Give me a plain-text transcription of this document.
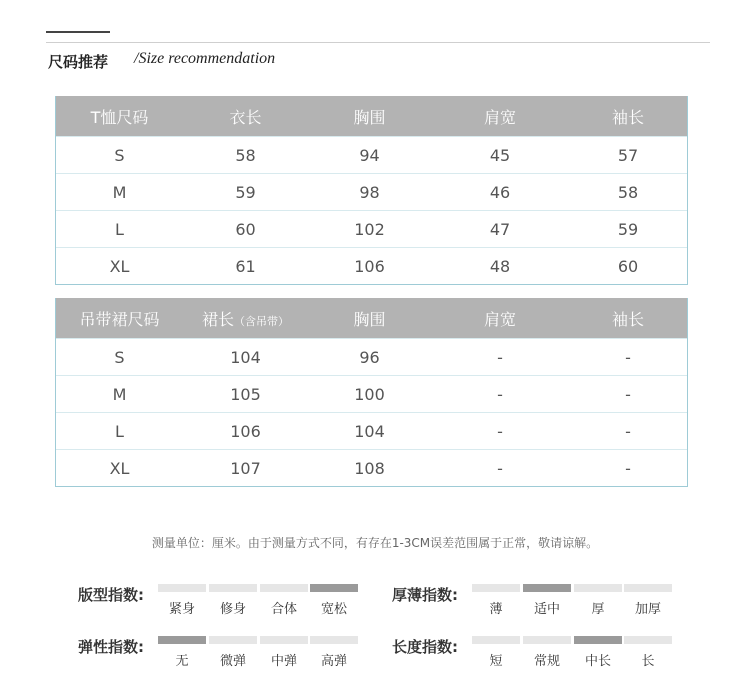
尺码推荐 /Size recommendation
T恤尺码	衣长	胸围	肩宽	袖长
S	58	94	45	57
M	59	98	46	58
L	60	102	47	59
XL	61	106	48	60
吊带裙尺码	裙长（含吊带）	胸围	肩宽	袖长
S	104	96	-	-
M	105	100	-	-
L	106	104	-	-
XL	107	108	-	-
测量单位：厘米。由于测量方式不同，有存在1-3CM误差范围属于正常，敬请谅解。
版型指数:
紧身	修身	合体	宽松
厚薄指数:
薄	适中	厚	加厚
弹性指数:
无	微弹	中弹	高弹
长度指数:
短	常规	中长	长
